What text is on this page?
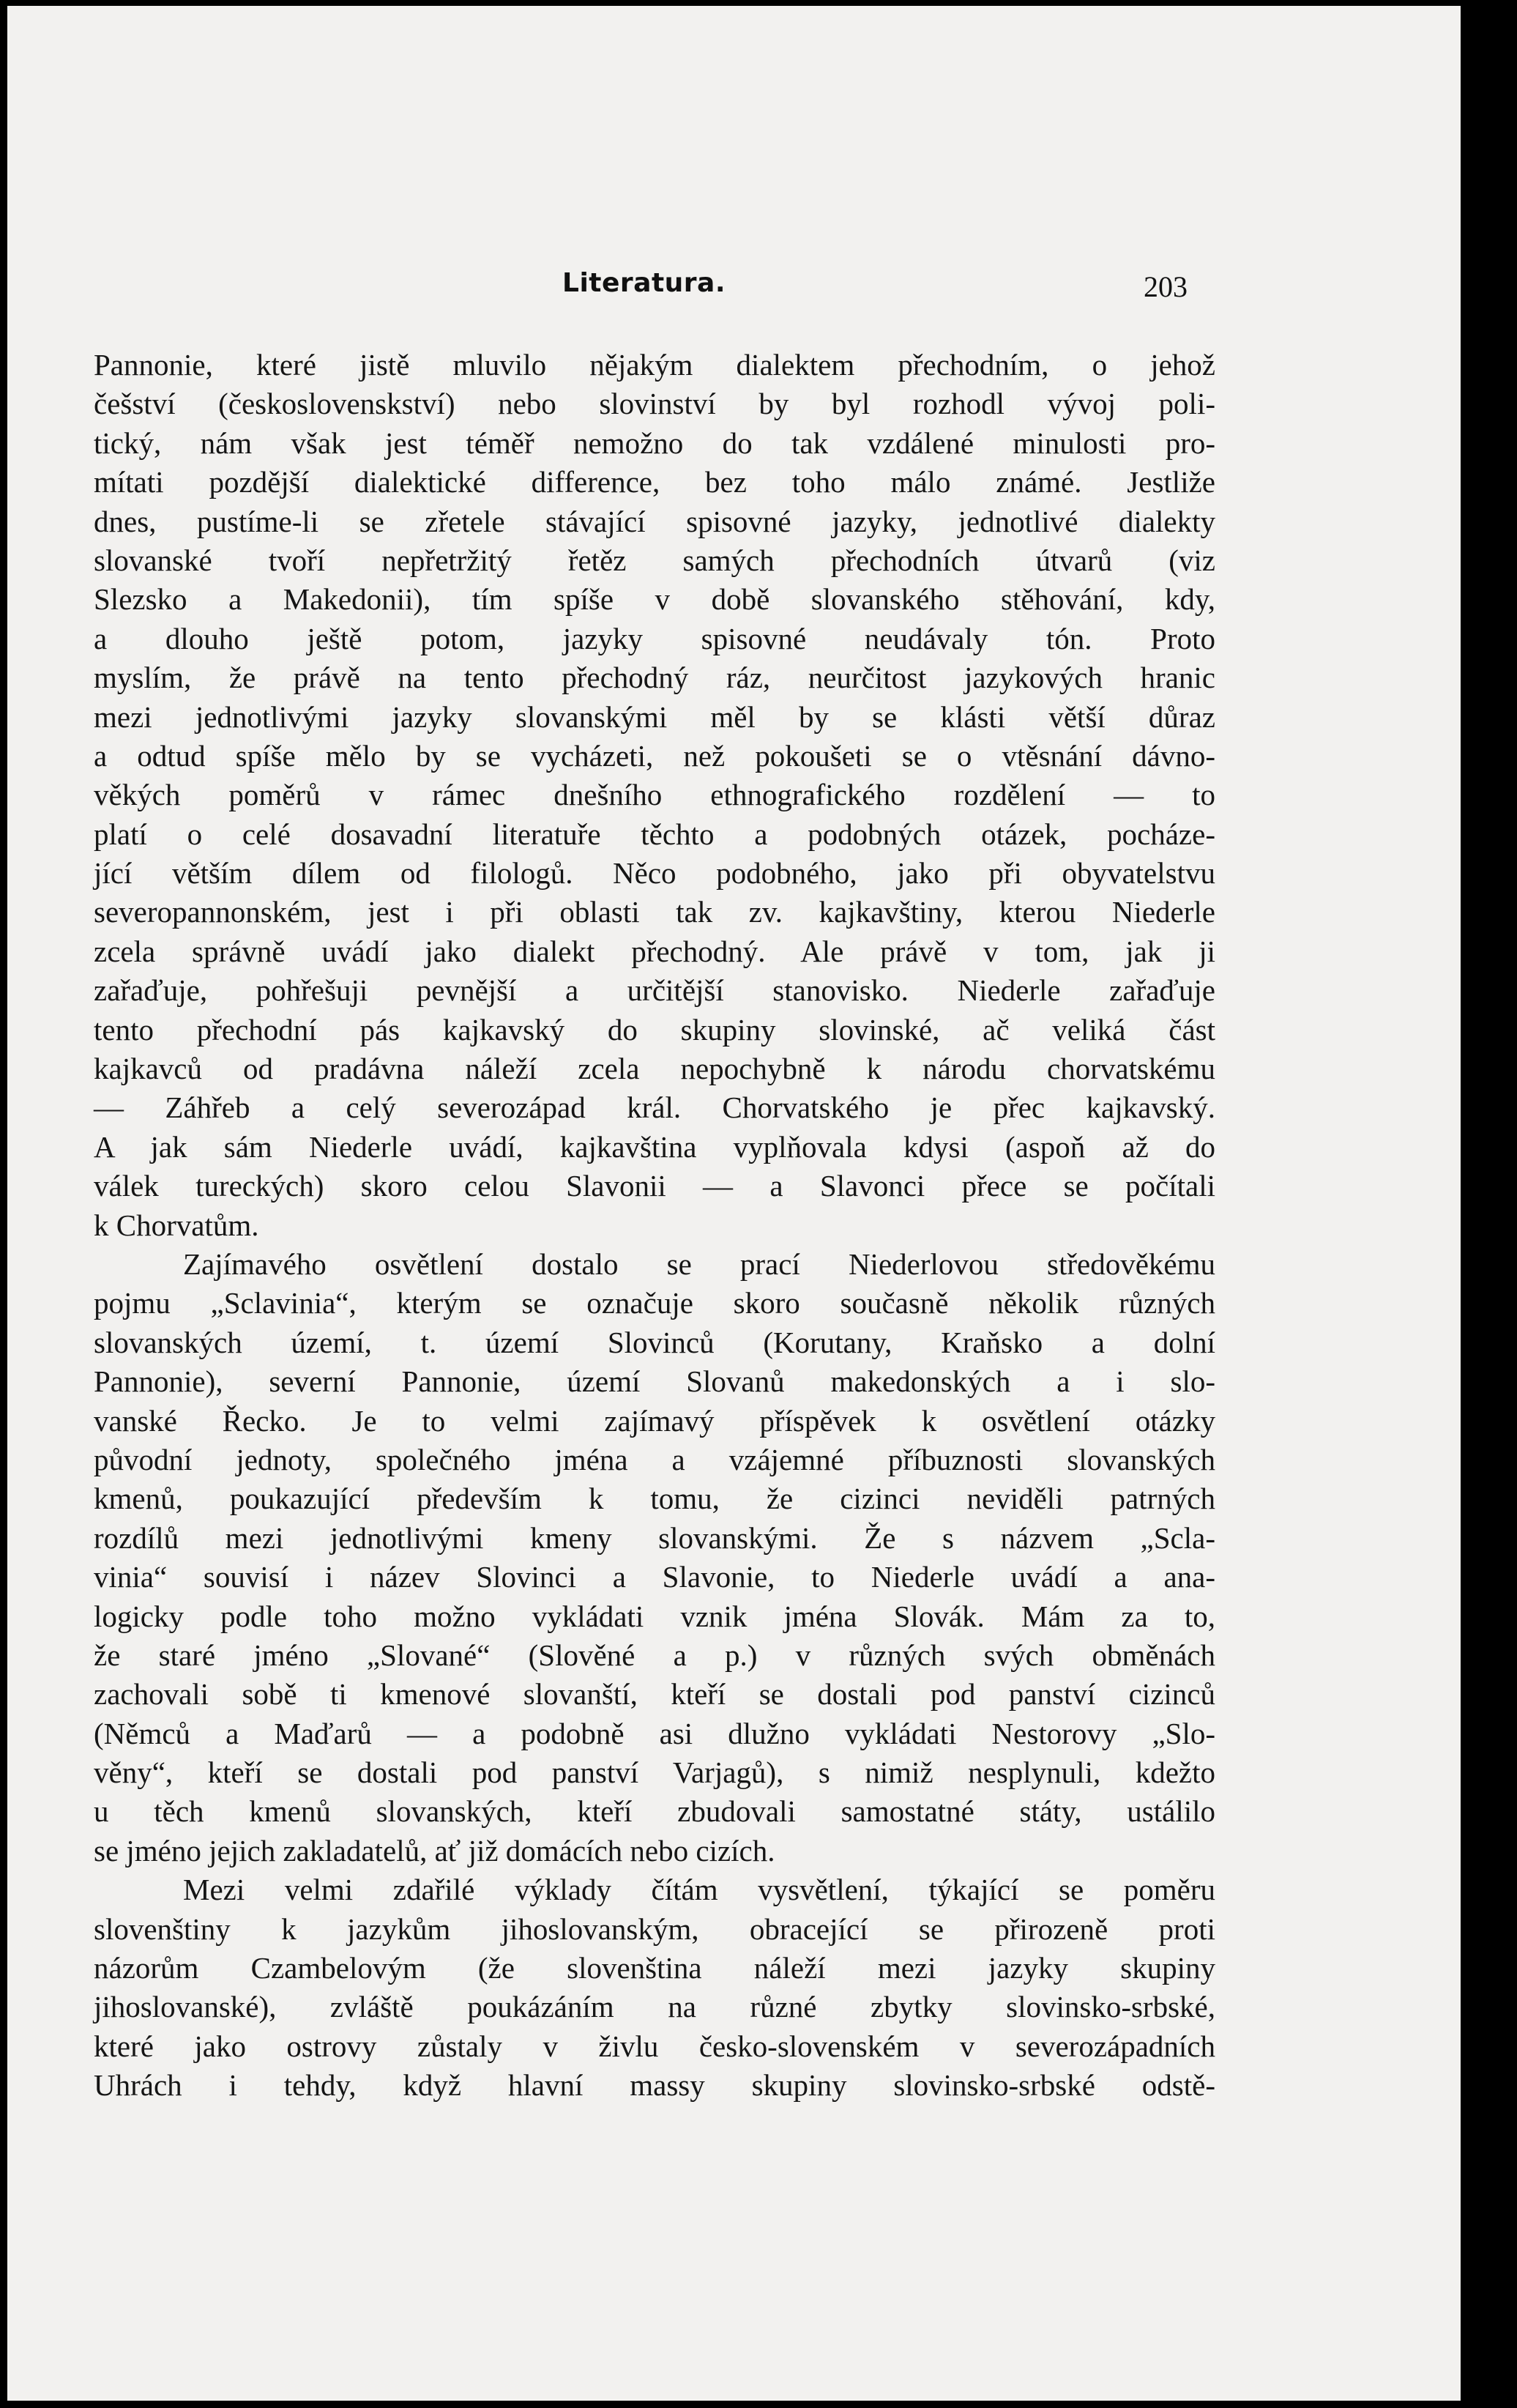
Literatura.	203
Pannonie, které jistě mluvilo nějakým dialektem přechodním, o jehož
češství (československství) nebo slovinství by byl rozhodl vývoj poli-
tický, nám však jest téměř nemožno do tak vzdálené minulosti pro-
mítati pozdější dialektické difference, bez toho málo známé. Jestliže
dnes, pustíme-li se zřetele stávající spisovné jazyky, jednotlivé dialekty
slovanské tvoří nepřetržitý řetěz samých přechodních útvarů (viz
Slezsko a Makedonii), tím spíše v době slovanského stěhování, kdy,
a dlouho ještě potom, jazyky spisovné neudávaly tón. Proto
myslím, že právě na tento přechodný ráz, neurčitost jazykových hranic
mezi jednotlivými jazyky slovanskými měl by se klásti větší důraz
a odtud spíše mělo by se vycházeti, než pokoušeti se o vtěsnání dávno-
věkých poměrů v rámec dnešního ethnografického rozdělení — to
platí o celé dosavadní literatuře těchto a podobných otázek, pocháze-
jící větším dílem od filologů. Něco podobného, jako při obyvatelstvu
severopannonském, jest i při oblasti tak zv. kajkavštiny, kterou Niederle
zcela správně uvádí jako dialekt přechodný. Ale právě v tom, jak ji
zařaďuje, pohřešuji pevnější a určitější stanovisko. Niederle zařaďuje
tento přechodní pás kajkavský do skupiny slovinské, ač veliká část
kajkavců od pradávna náleží zcela nepochybně k národu chorvatskému
— Záhřeb a celý severozápad král. Chorvatského je přec kajkavský.
A jak sám Niederle uvádí, kajkavština vyplňovala kdysi (aspoň až do
válek tureckých) skoro celou Slavonii — a Slavonci přece se počítali
k Chorvatům.
Zajímavého osvětlení dostalo se prací Niederlovou středověkému
pojmu „Sclavinia“, kterým se označuje skoro současně několik různých
slovanských území, t. území Slovinců (Korutany, Kraňsko a dolní
Pannonie), severní Pannonie, území Slovanů makedonských a i slo-
vanské Řecko. Je to velmi zajímavý příspěvek k osvětlení otázky
původní jednoty, společného jména a vzájemné příbuznosti slovanských
kmenů, poukazující především k tomu, že cizinci neviděli patrných
rozdílů mezi jednotlivými kmeny slovanskými. Že s názvem „Scla-
vinia“ souvisí i název Slovinci a Slavonie, to Niederle uvádí a ana-
logicky podle toho možno vykládati vznik jména Slovák. Mám za to,
že staré jméno „Slované“ (Slověné a p.) v různých svých obměnách
zachovali sobě ti kmenové slovanští, kteří se dostali pod panství cizinců
(Němců a Maďarů — a podobně asi dlužno vykládati Nestorovy „Slo-
věny“, kteří se dostali pod panství Varjagů), s nimiž nesplynuli, kdežto
u těch kmenů slovanských, kteří zbudovali samostatné státy, ustálilo
se jméno jejich zakladatelů, ať již domácích nebo cizích.
Mezi velmi zdařilé výklady čítám vysvětlení, týkající se poměru
slovenštiny k jazykům jihoslovanským, obracející se přirozeně proti
názorům Czambelovým (že slovenština náleží mezi jazyky skupiny
jihoslovanské), zvláště poukázáním na různé zbytky slovinsko-srbské,
které jako ostrovy zůstaly v živlu česko-slovenském v severozápadních
Uhrách i tehdy, když hlavní massy skupiny slovinsko-srbské odstě-
